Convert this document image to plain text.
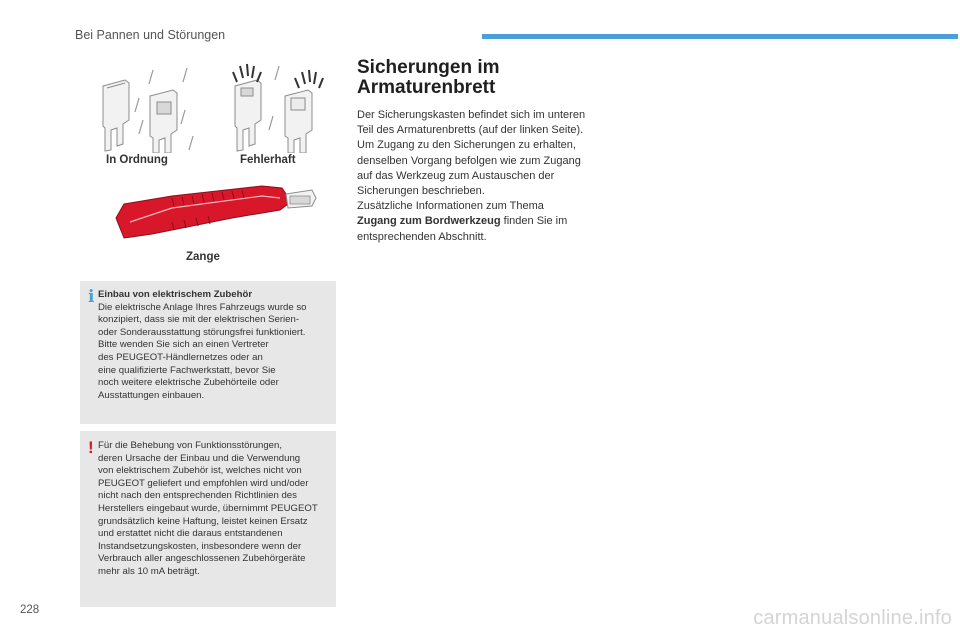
Bei Pannen und Störungen
In Ordnung	Fehlerhaft
Zange
i Einbau von elektrischem Zubehör
Die elektrische Anlage Ihres Fahrzeugs wurde so
konzipiert, dass sie mit der elektrischen Serien-
oder Sonderausstattung störungsfrei funktioniert.
Bitte wenden Sie sich an einen Vertreter
des PEUGEOT-Händlernetzes oder an
eine qualifizierte Fachwerkstatt, bevor Sie
noch weitere elektrische Zubehörteile oder
Ausstattungen einbauen.
! Für die Behebung von Funktionsstörungen,
deren Ursache der Einbau und die Verwendung
von elektrischem Zubehör ist, welches nicht von
PEUGEOT geliefert und empfohlen wird und/oder
nicht nach den entsprechenden Richtlinien des
Herstellers eingebaut wurde, übernimmt PEUGEOT
grundsätzlich keine Haftung, leistet keinen Ersatz
und erstattet nicht die daraus entstandenen
Instandsetzungskosten, insbesondere wenn der
Verbrauch aller angeschlossenen Zubehörgeräte
mehr als 10 mA beträgt.
Sicherungen im
Armaturenbrett
Der Sicherungskasten befindet sich im unteren
Teil des Armaturenbretts (auf der linken Seite).
Um Zugang zu den Sicherungen zu erhalten,
denselben Vorgang befolgen wie zum Zugang
auf das Werkzeug zum Austauschen der
Sicherungen beschrieben.
Zusätzliche Informationen zum Thema
Zugang zum Bordwerkzeug finden Sie im
entsprechenden Abschnitt.
228	carmanualsonline.info
